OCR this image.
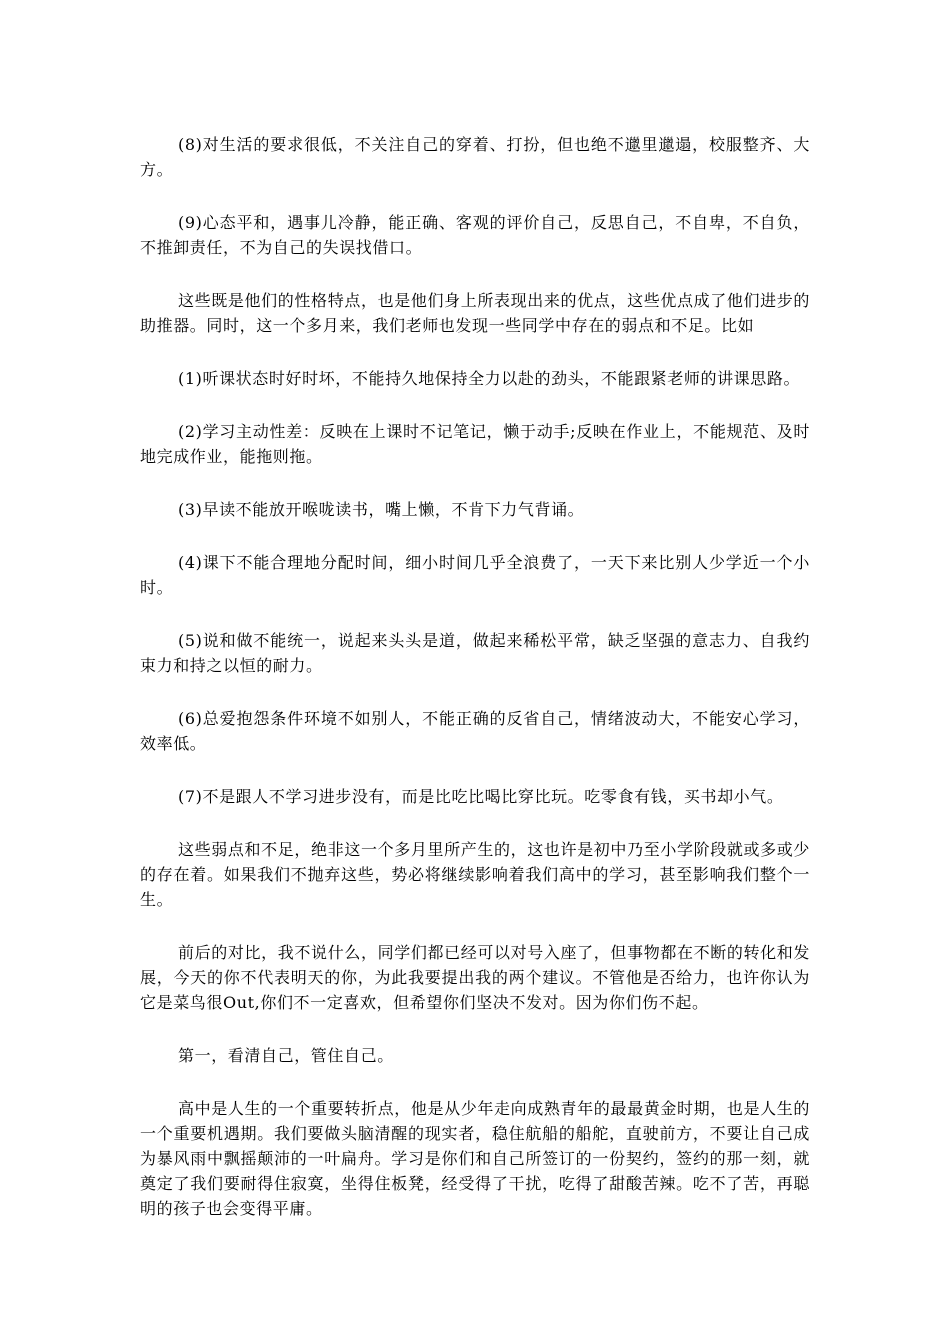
(8)对生活的要求很低，不关注自己的穿着、打扮，但也绝不邋里邋遢，校服整齐、大方。

(9)心态平和，遇事儿冷静，能正确、客观的评价自己，反思自己，不自卑，不自负，不推卸责任，不为自己的失误找借口。

这些既是他们的性格特点，也是他们身上所表现出来的优点，这些优点成了他们进步的助推器。同时，这一个多月来，我们老师也发现一些同学中存在的弱点和不足。比如

(1)听课状态时好时坏，不能持久地保持全力以赴的劲头，不能跟紧老师的讲课思路。

(2)学习主动性差：反映在上课时不记笔记，懒于动手;反映在作业上，不能规范、及时地完成作业，能拖则拖。

(3)早读不能放开喉咙读书，嘴上懒，不肯下力气背诵。

(4)课下不能合理地分配时间，细小时间几乎全浪费了，一天下来比别人少学近一个小时。

(5)说和做不能统一，说起来头头是道，做起来稀松平常，缺乏坚强的意志力、自我约束力和持之以恒的耐力。

(6)总爱抱怨条件环境不如别人，不能正确的反省自己，情绪波动大，不能安心学习，效率低。

(7)不是跟人不学习进步没有，而是比吃比喝比穿比玩。吃零食有钱，买书却小气。

这些弱点和不足，绝非这一个多月里所产生的，这也许是初中乃至小学阶段就或多或少的存在着。如果我们不抛弃这些，势必将继续影响着我们高中的学习，甚至影响我们整个一生。

前后的对比，我不说什么，同学们都已经可以对号入座了，但事物都在不断的转化和发展，今天的你不代表明天的你，为此我要提出我的两个建议。不管他是否给力，也许你认为它是菜鸟很Out,你们不一定喜欢，但希望你们坚决不发对。因为你们伤不起。

第一，看清自己，管住自己。

高中是人生的一个重要转折点，他是从少年走向成熟青年的最最黄金时期，也是人生的一个重要机遇期。我们要做头脑清醒的现实者，稳住航船的船舵，直驶前方，不要让自己成为暴风雨中飘摇颠沛的一叶扁舟。学习是你们和自己所签订的一份契约，签约的那一刻，就奠定了我们要耐得住寂寞，坐得住板凳，经受得了干扰，吃得了甜酸苦辣。吃不了苦，再聪明的孩子也会变得平庸。
